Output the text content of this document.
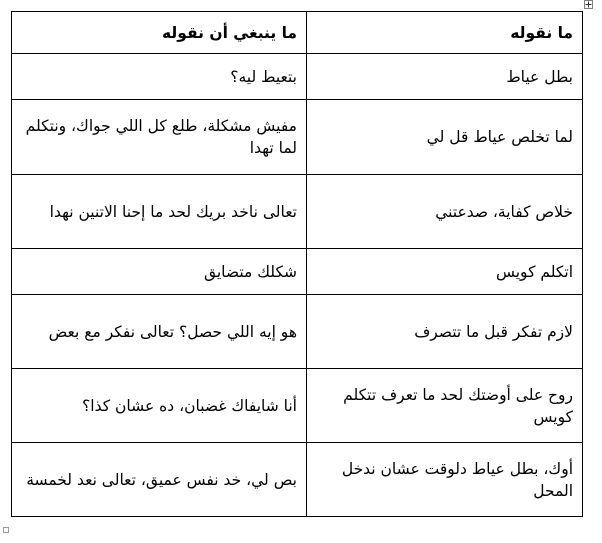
ما نقوله	ما ينبغي أن نقوله
بطل عياط	بتعيط ليه؟
لما تخلص عياط قل لي	مفيش مشكلة، طلع كل اللي جواك، ونتكلم لما تهدا
خلاص كفاية، صدعتني	تعالى ناخد بريك لحد ما إحنا الاتنين نهدا
اتكلم كويس	شكلك متضايق
لازم تفكر قبل ما تتصرف	هو إيه اللي حصل؟ تعالى نفكر مع بعض
روح على أوضتك لحد ما تعرف تتكلم كويس	أنا شايفاك غضبان، ده عشان كذا؟
أوك، بطل عياط دلوقت عشان ندخل المحل	بص لي، خد نفس عميق، تعالى نعد لخمسة
